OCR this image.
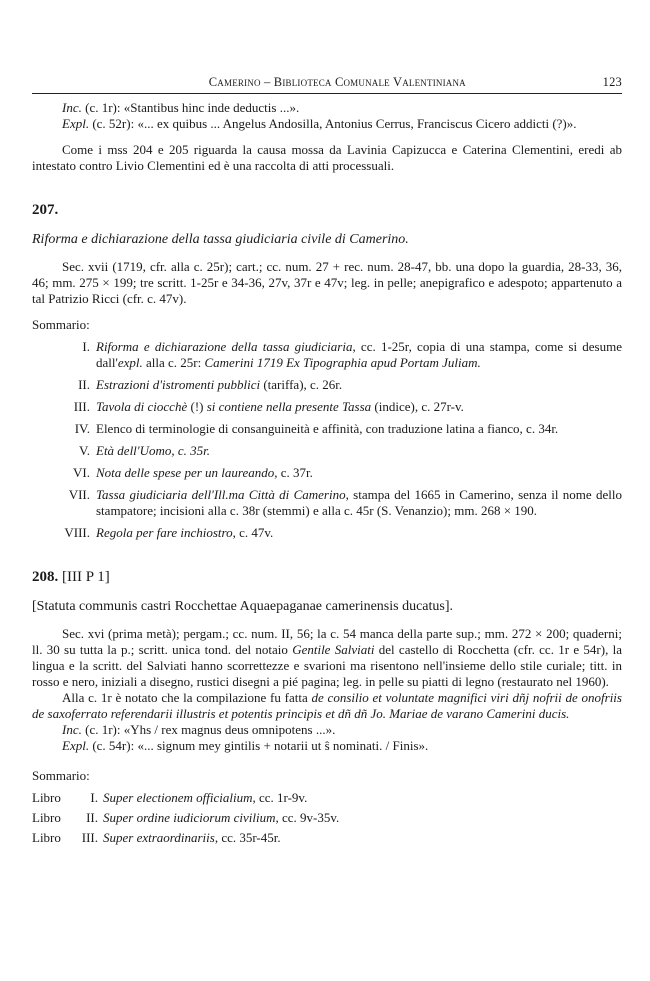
Camerino – Biblioteca Comunale Valentiniana	123

Inc. (c. 1r): «Stantibus hinc inde deductis ...».

Expl. (c. 52r): «... ex quibus ... Angelus Andosilla, Antonius Cerrus, Franciscus Cicero addicti (?)».

Come i mss 204 e 205 riguarda la causa mossa da Lavinia Capizucca e Caterina Clementini, eredi ab intestato contro Livio Clementini ed è una raccolta di atti processuali.

207.

Riforma e dichiarazione della tassa giudiciaria civile di Camerino.

Sec. xvii (1719, cfr. alla c. 25r); cart.; cc. num. 27 + rec. num. 28-47, bb. una dopo la guardia, 28-33, 36, 46; mm. 275 × 199; tre scritt. 1-25r e 34-36, 27v, 37r e 47v; leg. in pelle; anepigrafico e adespoto; appartenuto a tal Patrizio Ricci (cfr. c. 47v).

Sommario:

I. Riforma e dichiarazione della tassa giudiciaria, cc. 1-25r, copia di una stampa, come si desume dall'expl. alla c. 25r: Camerini 1719 Ex Tipographia apud Portam Juliam.
II. Estrazioni d'istromenti pubblici (tariffa), c. 26r.
III. Tavola di ciocchè (!) si contiene nella presente Tassa (indice), c. 27r-v.
IV. Elenco di terminologie di consanguineità e affinità, con traduzione latina a fianco, c. 34r.
V. Età dell'Uomo, c. 35r.
VI. Nota delle spese per un laureando, c. 37r.
VII. Tassa giudiciaria dell'Ill.ma Città di Camerino, stampa del 1665 in Camerino, senza il nome dello stampatore; incisioni alla c. 38r (stemmi) e alla c. 45r (S. Venanzio); mm. 268 × 190.
VIII. Regola per fare inchiostro, c. 47v.
208. [III P 1]

[Statuta communis castri Rocchettae Aquaepaganae camerinensis ducatus].

Sec. xvi (prima metà); pergam.; cc. num. II, 56; la c. 54 manca della parte sup.; mm. 272 × 200; quaderni; ll. 30 su tutta la p.; scritt. unica tond. del notaio Gentile Salviati del castello di Rocchetta (cfr. cc. 1r e 54r), la lingua e la scritt. del Salviati hanno scorrettezze e svarioni ma risentono nell'insieme dello stile curiale; titt. in rosso e nero, iniziali a disegno, rustici disegni a pié pagina; leg. in pelle su piatti di legno (restaurato nel 1960).

Alla c. 1r è notato che la compilazione fu fatta de consilio et voluntate magnifici viri dñj nofrii de onofriis de saxoferrato referendarii illustris et potentis principis et dñ dñ Jo. Mariae de varano Camerini ducis.

Inc. (c. 1r): «Yhs / rex magnus deus omnipotens ...».

Expl. (c. 54r): «... signum mey gintilis + notarii ut ŝ nominati. / Finis».

Sommario:

Libro	I. Super electionem officialium , cc. 1r-9v.
Libro	II. Super ordine iudiciorum civilium , cc. 9v-35v.
Libro	III. Super extraordinariis , cc. 35r-45r.
